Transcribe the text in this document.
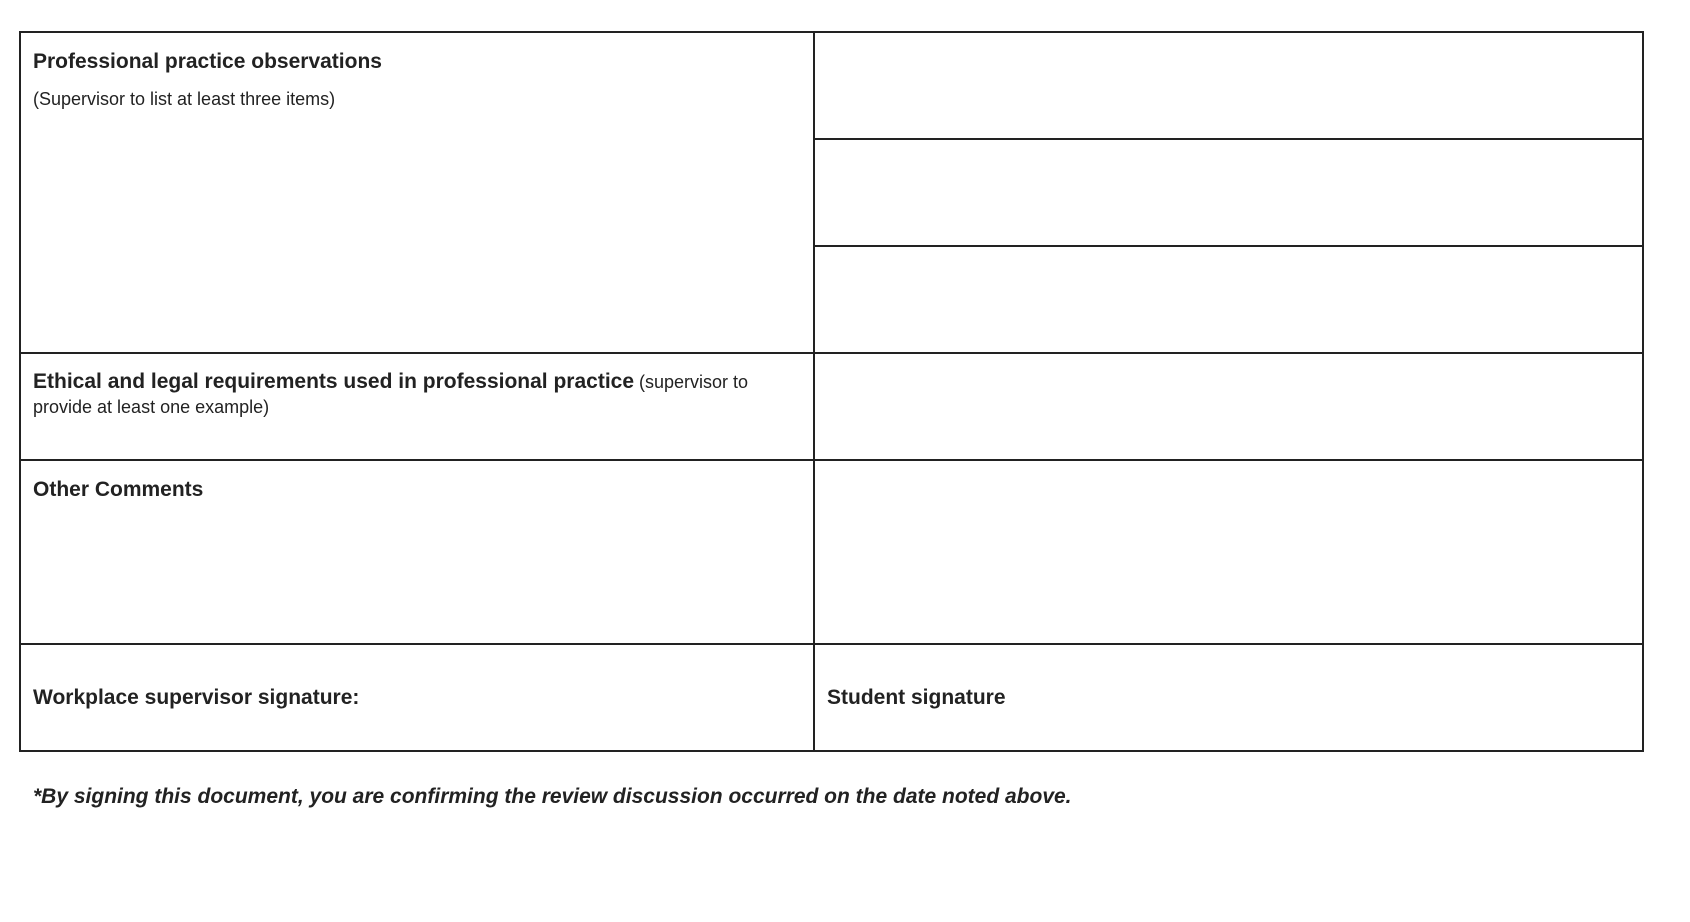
Professional practice observations
(Supervisor to list at least three items)	

Ethical and legal requirements used in professional practice (supervisor to provide at least one example)	

Other Comments	

Workplace supervisor signature:	Student signature
*By signing this document, you are confirming the review discussion occurred on the date noted above.
